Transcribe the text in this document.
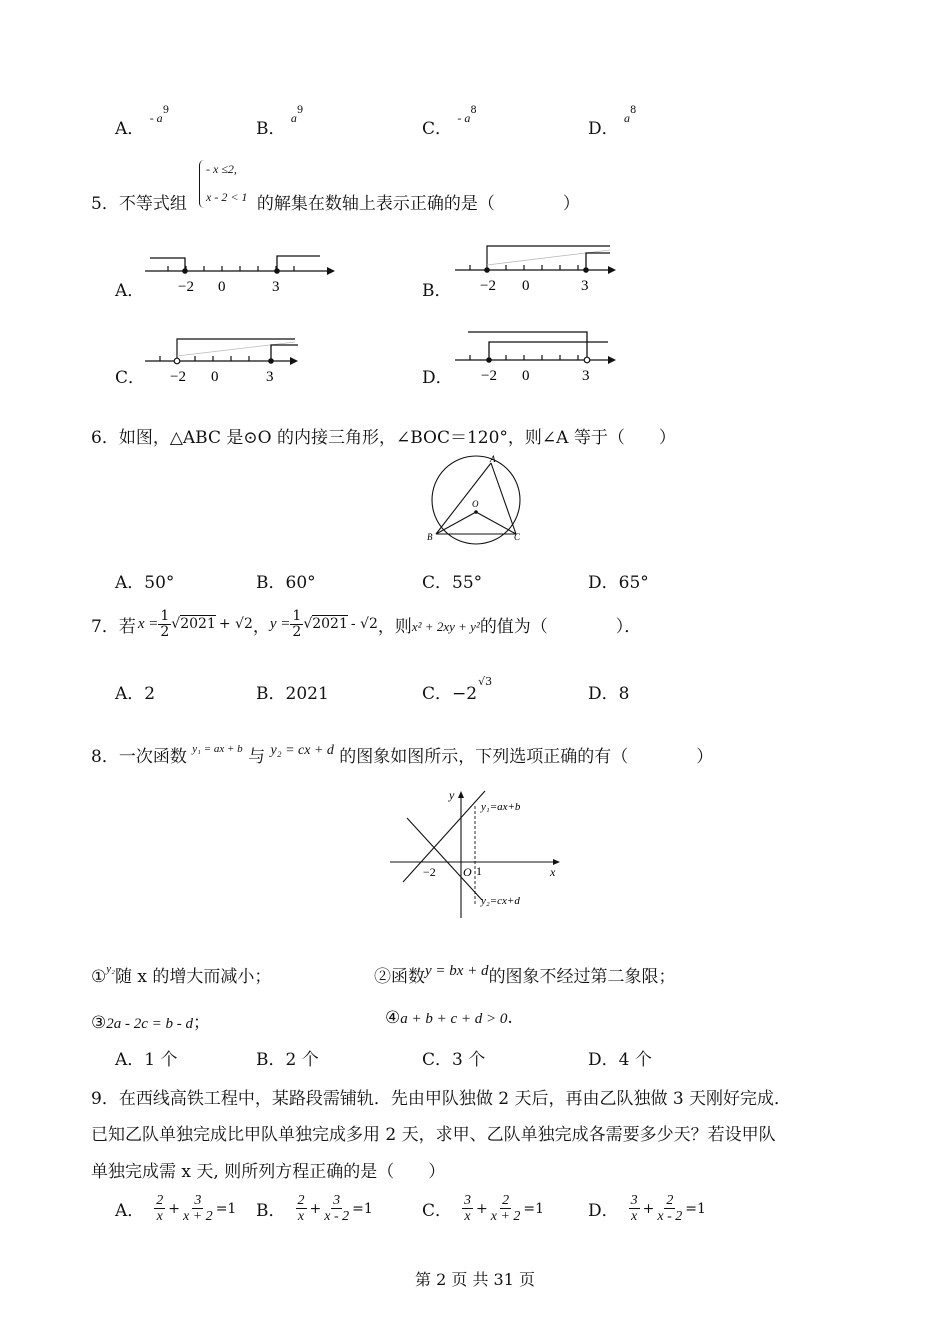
A． $^{- a9}$
B． $^{a9}$
C． $^{- a8}$
D． $^{a8}$
5．不等式组	的解集在数轴上表示正确的是（　　　　）
- x ≤2,
x - 2 < 1
A．	B．
C．	D．
−2 0	3	−2 0	3
−2 0	3	−2 0	3
6．如图，△ABC 是⊙O 的内接三角形，∠BOC＝120°，则∠A 等于（　　）
A
B	C
O
A．50°	B．60°	C．55°	D．65°
7． 若 $x = \frac{1}{2} √2021 + √2$ ， $y = \frac{1}{2} √2021 - √2$ ，则 x² + 2xy + y² 的值为（　　　　）．
A．2	B．2021	C．$-2^{√3}$
D．8
8．一次函数 $^{y_1 = ax + b}$ 与 $^{y_2 = cx + d}$ 的图象如图所示，下列选项正确的有（　　　　）
y
x
O
−2	1
y₁=ax+b
y₂=cx+d
①$^{y_2}$随 x 的增大而减小；	②函数y = bx + d的图象不经过第二象限；
③2a - 2c = b - d；	④a + b + c + d > 0.
A．1 个	B．2 个	C．3 个	D．4 个
9．在西线高铁工程中，某路段需铺轨．先由甲队独做 2 天后，再由乙队独做 3 天刚好完成．
已知乙队单独完成比甲队单独完成多用 2 天，求甲、乙队单独完成各需要多少天？若设甲队
单独完成需 x 天, 则所列方程正确的是（　　）
A． $\frac{2}{x} + \frac{3}{x + 2} =1$ B． $\frac{2}{x} + \frac{3}{x - 2} =1$	C． $\frac{3}{x} + \frac{2}{x + 2} =1$	D． $\frac{3}{x} + \frac{2}{x - 2} =1$
第 2 页 共 31 页
